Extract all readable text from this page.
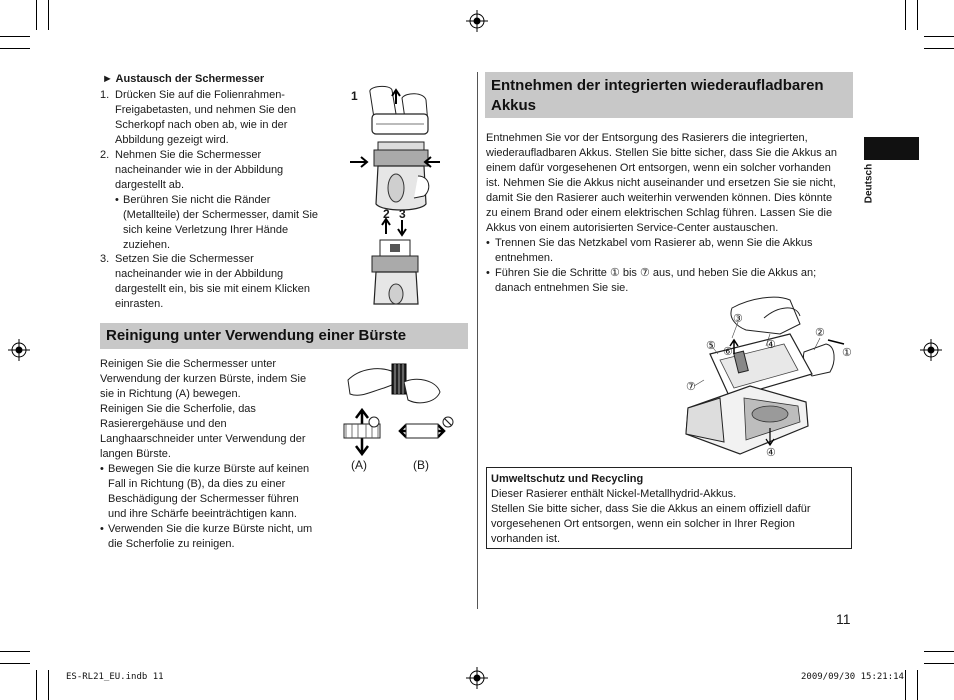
► Austausch der Schermesser
1. Drücken Sie auf die Folienrahmen-
Freigabetasten, und nehmen Sie den
Scherkopf nach oben ab, wie in der
Abbildung gezeigt wird.
2. Nehmen Sie die Schermesser
nacheinander wie in der Abbildung
dargestellt ab.
• Berühren Sie nicht die Ränder
(Metallteile) der Schermesser, damit Sie
sich keine Verletzung Ihrer Hände
zuziehen.
3. Setzen Sie die Schermesser
nacheinander wie in der Abbildung
dargestellt ein, bis sie mit einem Klicken
einrasten.
1
2 3
Reinigung unter Verwendung einer Bürste
Reinigen Sie die Schermesser unter
Verwendung der kurzen Bürste, indem Sie
sie in Richtung (A) bewegen.
Reinigen Sie die Scherfolie, das
Rasierergehäuse und den
Langhaarschneider unter Verwendung der
langen Bürste.
• Bewegen Sie die kurze Bürste auf keinen
Fall in Richtung (B), da dies zu einer
Beschädigung der Schermesser führen
und ihre Schärfe beeinträchtigen kann.
• Verwenden Sie die kurze Bürste nicht, um
die Scherfolie zu reinigen.
(A)	(B)
Entnehmen der integrierten wiederaufladbaren
Akkus
Entnehmen Sie vor der Entsorgung des Rasierers die integrierten,
wiederaufladbaren Akkus. Stellen Sie bitte sicher, dass Sie die Akkus an
einem dafür vorgesehenen Ort entsorgen, wenn ein solcher vorhanden
ist. Nehmen Sie die Akkus nicht auseinander und ersetzen Sie sie nicht,
damit Sie den Rasierer auch weiterhin verwenden können. Dies könnte
zu einem Brand oder einem elektrischen Schlag führen. Lassen Sie die
Akkus von einem autorisierten Service-Center austauschen.
• Trennen Sie das Netzkabel vom Rasierer ab, wenn Sie die Akkus
entnehmen.
• Führen Sie die Schritte ① bis ⑦ aus, und heben Sie die Akkus an;
danach entnehmen Sie sie.
③
②
④
①
⑤ ⑥
⑦
④
Umweltschutz und Recycling
Dieser Rasierer enthält Nickel-Metallhydrid-Akkus.
Stellen Sie bitte sicher, dass Sie die Akkus an einem offiziell dafür
vorgesehenen Ort entsorgen, wenn ein solcher in Ihrer Region
vorhanden ist.
Deutsch
11
ES-RL21_EU.indb 11	2009/09/30 15:21:14
